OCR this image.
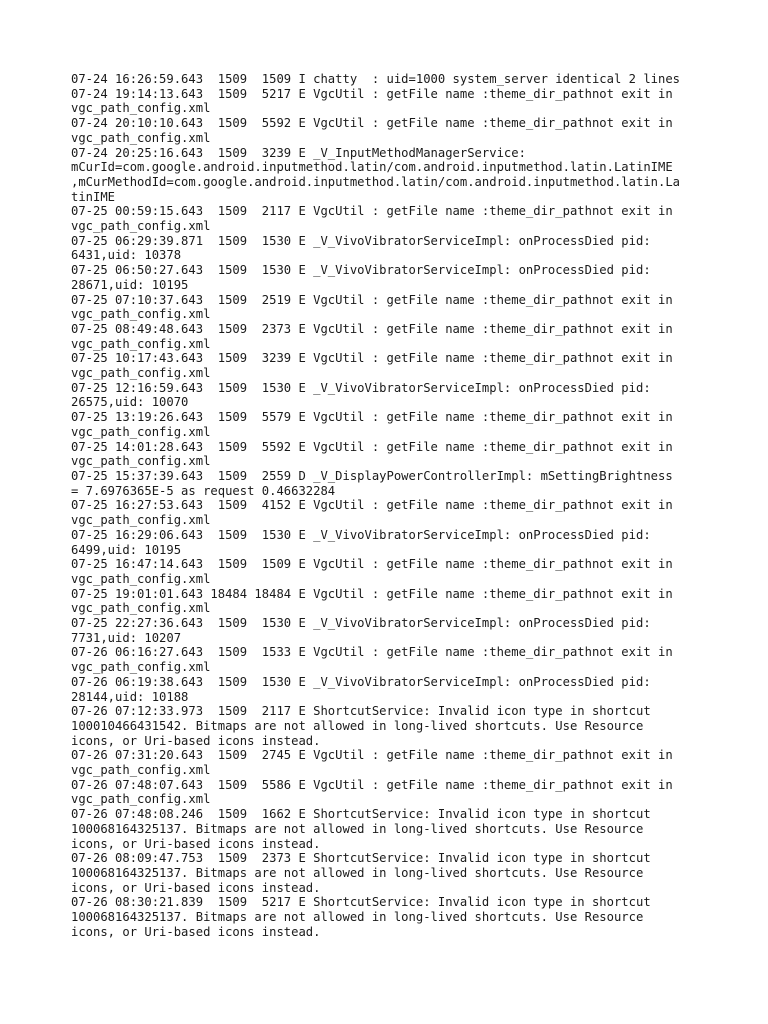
07-24 16:26:59.643  1509  1509 I chatty  : uid=1000 system_server identical 2 lines
07-24 19:14:13.643  1509  5217 E VgcUtil : getFile name :theme_dir_pathnot exit in
vgc_path_config.xml
07-24 20:10:10.643  1509  5592 E VgcUtil : getFile name :theme_dir_pathnot exit in
vgc_path_config.xml
07-24 20:25:16.643  1509  3239 E _V_InputMethodManagerService:
mCurId=com.google.android.inputmethod.latin/com.android.inputmethod.latin.LatinIME
,mCurMethodId=com.google.android.inputmethod.latin/com.android.inputmethod.latin.La
tinIME
07-25 00:59:15.643  1509  2117 E VgcUtil : getFile name :theme_dir_pathnot exit in
vgc_path_config.xml
07-25 06:29:39.871  1509  1530 E _V_VivoVibratorServiceImpl: onProcessDied pid:
6431,uid: 10378
07-25 06:50:27.643  1509  1530 E _V_VivoVibratorServiceImpl: onProcessDied pid:
28671,uid: 10195
07-25 07:10:37.643  1509  2519 E VgcUtil : getFile name :theme_dir_pathnot exit in
vgc_path_config.xml
07-25 08:49:48.643  1509  2373 E VgcUtil : getFile name :theme_dir_pathnot exit in
vgc_path_config.xml
07-25 10:17:43.643  1509  3239 E VgcUtil : getFile name :theme_dir_pathnot exit in
vgc_path_config.xml
07-25 12:16:59.643  1509  1530 E _V_VivoVibratorServiceImpl: onProcessDied pid:
26575,uid: 10070
07-25 13:19:26.643  1509  5579 E VgcUtil : getFile name :theme_dir_pathnot exit in
vgc_path_config.xml
07-25 14:01:28.643  1509  5592 E VgcUtil : getFile name :theme_dir_pathnot exit in
vgc_path_config.xml
07-25 15:37:39.643  1509  2559 D _V_DisplayPowerControllerImpl: mSettingBrightness
= 7.6976365E-5 as request 0.46632284
07-25 16:27:53.643  1509  4152 E VgcUtil : getFile name :theme_dir_pathnot exit in
vgc_path_config.xml
07-25 16:29:06.643  1509  1530 E _V_VivoVibratorServiceImpl: onProcessDied pid:
6499,uid: 10195
07-25 16:47:14.643  1509  1509 E VgcUtil : getFile name :theme_dir_pathnot exit in
vgc_path_config.xml
07-25 19:01:01.643 18484 18484 E VgcUtil : getFile name :theme_dir_pathnot exit in
vgc_path_config.xml
07-25 22:27:36.643  1509  1530 E _V_VivoVibratorServiceImpl: onProcessDied pid:
7731,uid: 10207
07-26 06:16:27.643  1509  1533 E VgcUtil : getFile name :theme_dir_pathnot exit in
vgc_path_config.xml
07-26 06:19:38.643  1509  1530 E _V_VivoVibratorServiceImpl: onProcessDied pid:
28144,uid: 10188
07-26 07:12:33.973  1509  2117 E ShortcutService: Invalid icon type in shortcut
100010466431542. Bitmaps are not allowed in long-lived shortcuts. Use Resource
icons, or Uri-based icons instead.
07-26 07:31:20.643  1509  2745 E VgcUtil : getFile name :theme_dir_pathnot exit in
vgc_path_config.xml
07-26 07:48:07.643  1509  5586 E VgcUtil : getFile name :theme_dir_pathnot exit in
vgc_path_config.xml
07-26 07:48:08.246  1509  1662 E ShortcutService: Invalid icon type in shortcut
100068164325137. Bitmaps are not allowed in long-lived shortcuts. Use Resource
icons, or Uri-based icons instead.
07-26 08:09:47.753  1509  2373 E ShortcutService: Invalid icon type in shortcut
100068164325137. Bitmaps are not allowed in long-lived shortcuts. Use Resource
icons, or Uri-based icons instead.
07-26 08:30:21.839  1509  5217 E ShortcutService: Invalid icon type in shortcut
100068164325137. Bitmaps are not allowed in long-lived shortcuts. Use Resource
icons, or Uri-based icons instead.
